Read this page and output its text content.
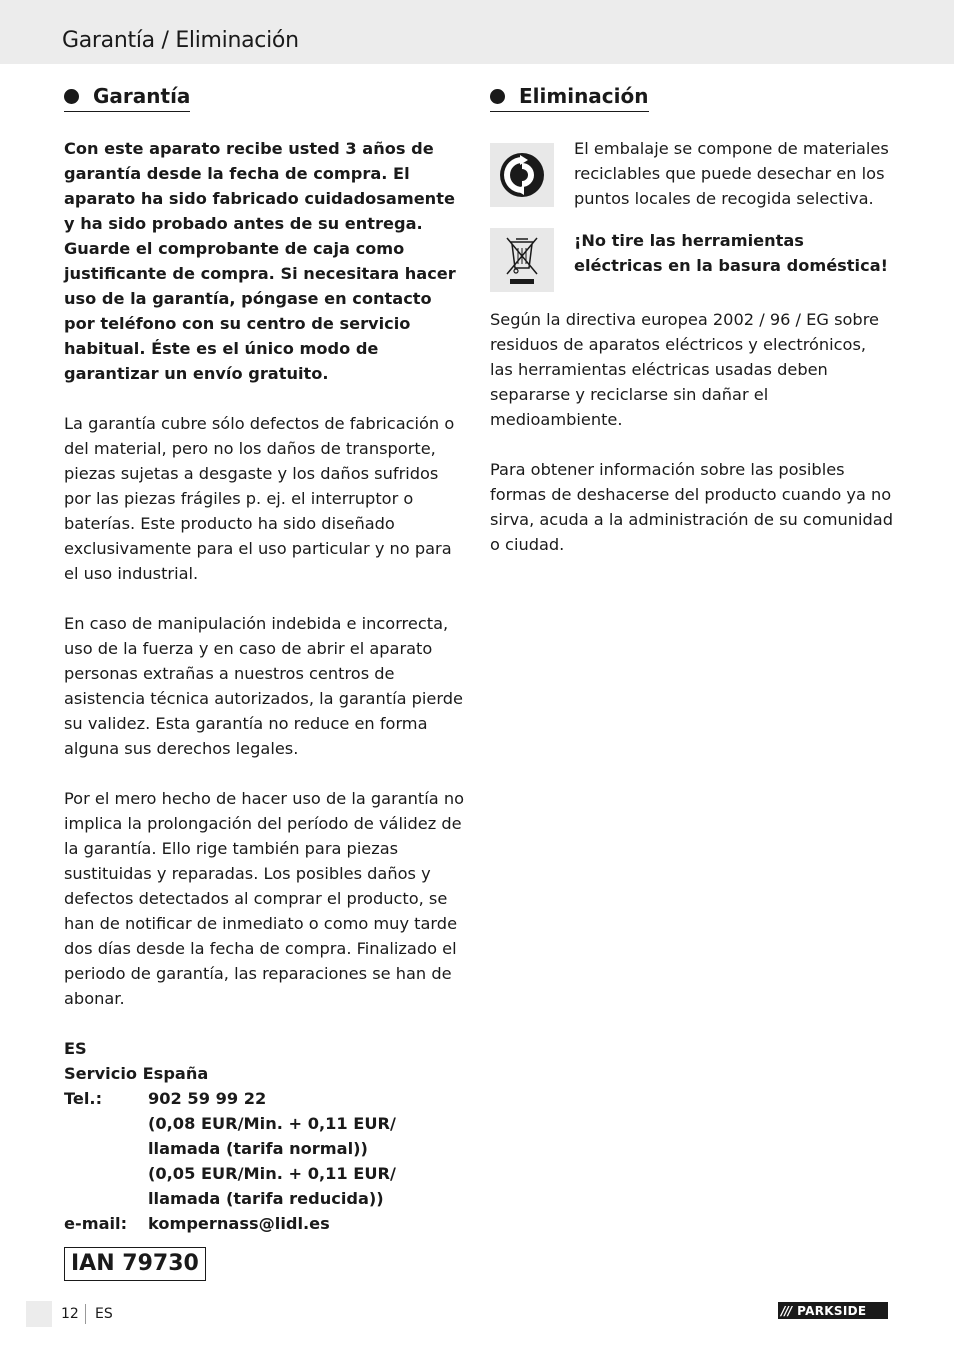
Garantía / Eliminación
Garantía

Con este aparato recibe usted 3 años de garantía desde la fecha de compra. El aparato ha sido fabricado cuidadosamente y ha sido probado antes de su entrega. Guarde el comprobante de caja como justificante de compra. Si necesitara hacer uso de la garantía, póngase en contacto por teléfono con su centro de servicio habitual. Éste es el único modo de garantizar un envío gratuito.

La garantía cubre sólo defectos de fabricación o del material, pero no los daños de transporte, piezas sujetas a desgaste y los daños sufridos por las piezas frágiles p. ej. el interruptor o baterías. Este producto ha sido diseñado exclusivamente para el uso particular y no para el uso industrial.

En caso de manipulación indebida e incorrecta, uso de la fuerza y en caso de abrir el aparato personas extrañas a nuestros centros de asistencia técnica autorizados, la garantía pierde su validez. Esta garantía no reduce en forma alguna sus derechos legales.

Por el mero hecho de hacer uso de la garantía no implica la prolongación del período de válidez de la garantía. Ello rige también para piezas sustituidas y reparadas. Los posibles daños y defectos detectados al comprar el producto, se han de notificar de inmediato o como muy tarde dos días desde la fecha de compra. Finalizado el periodo de garantía, las reparaciones se han de abonar.

ES
Servicio España
Tel.:	902 59 99 22
(0,08 EUR/Min. + 0,11 EUR/ llamada (tarifa normal))
(0,05 EUR/Min. + 0,11 EUR/ llamada (tarifa reducida))
e-mail:	kompernass@lidl.es
IAN 79730
Eliminación

El embalaje se compone de materiales reciclables que puede desechar en los puntos locales de recogida selectiva.

¡No tire las herramientas eléctricas en la basura doméstica!

Según la directiva europea 2002 / 96 / EG sobre residuos de aparatos eléctricos y electrónicos, las herramientas eléctricas usadas deben separarse y reciclarse sin dañar el medioambiente.

Para obtener información sobre las posibles formas de deshacerse del producto cuando ya no sirva, acuda a la administración de su comunidad o ciudad.

12 ES	/// PARKSIDE
